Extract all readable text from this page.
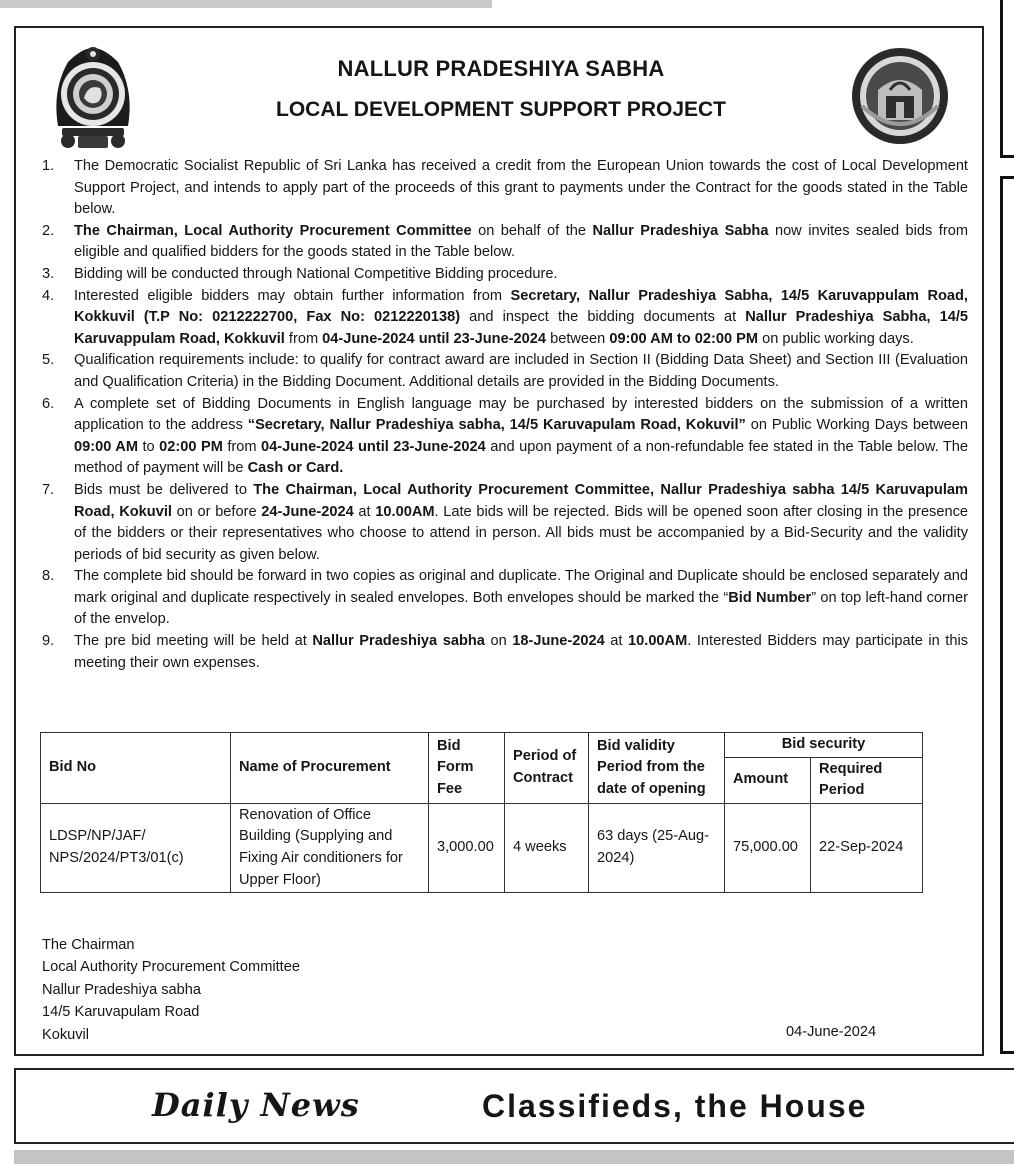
NALLUR PRADESHIYA SABHA
LOCAL DEVELOPMENT SUPPORT PROJECT
1.	The Democratic Socialist Republic of Sri Lanka has received a credit from the European Union towards the cost of Local Development Support Project, and intends to apply part of the proceeds of this grant to payments under the Contract for the goods stated in the Table below.
2.	The Chairman, Local Authority Procurement Committee on behalf of the Nallur Pradeshiya Sabha now invites sealed bids from eligible and qualified bidders for the goods stated in the Table below.
3.	Bidding will be conducted through National Competitive Bidding procedure.
4.	Interested eligible bidders may obtain further information from Secretary, Nallur Pradeshiya Sabha, 14/5 Karuvappulam Road, Kokkuvil (T.P No: 0212222700, Fax No: 0212220138) and inspect the bidding documents at Nallur Pradeshiya Sabha, 14/5 Karuvappulam Road, Kokkuvil from 04-June-2024 until 23-June-2024 between 09:00 AM to 02:00 PM on public working days.
5.	Qualification requirements include: to qualify for contract award are included in Section II (Bidding Data Sheet) and Section III (Evaluation and Qualification Criteria) in the Bidding Document. Additional details are provided in the Bidding Documents.
6.	A complete set of Bidding Documents in English language may be purchased by interested bidders on the submission of a written application to the address “Secretary, Nallur Pradeshiya sabha, 14/5 Karuvapulam Road, Kokuvil” on Public Working Days between 09:00 AM to 02:00 PM from 04-June-2024 until 23-June-2024 and upon payment of a non-refundable fee stated in the Table below. The method of payment will be Cash or Card.
7.	Bids must be delivered to The Chairman, Local Authority Procurement Committee, Nallur Pradeshiya sabha 14/5 Karuvapulam Road, Kokuvil on or before 24-June-2024 at 10.00AM. Late bids will be rejected. Bids will be opened soon after closing in the presence of the bidders or their representatives who choose to attend in person. All bids must be accompanied by a Bid-Security and the validity periods of bid security as given below.
8.	The complete bid should be forward in two copies as original and duplicate. The Original and Duplicate should be enclosed separately and mark original and duplicate respectively in sealed envelopes. Both envelopes should be marked the “Bid Number” on top left-hand corner of the envelop.
9.	The pre bid meeting will be held at Nallur Pradeshiya sabha on 18-June-2024 at 10.00AM. Interested Bidders may participate in this meeting their own expenses.
Bid No	Name of Procurement	Bid Form Fee	Period of Contract	Bid validity Period from the date of opening	Bid security	
					Amount	Required Period
LDSP/NP/JAF/ NPS/2024/PT3/01(c)	Renovation of Office Building (Supplying and Fixing Air conditioners for Upper Floor)	3,000.00	4 weeks	63 days (25-Aug-2024)	75,000.00	22-Sep-2024
The Chairman
Local Authority Procurement Committee
Nallur Pradeshiya sabha
14/5 Karuvapulam Road
Kokuvil	04-June-2024
Daily News	Classifieds, the House
